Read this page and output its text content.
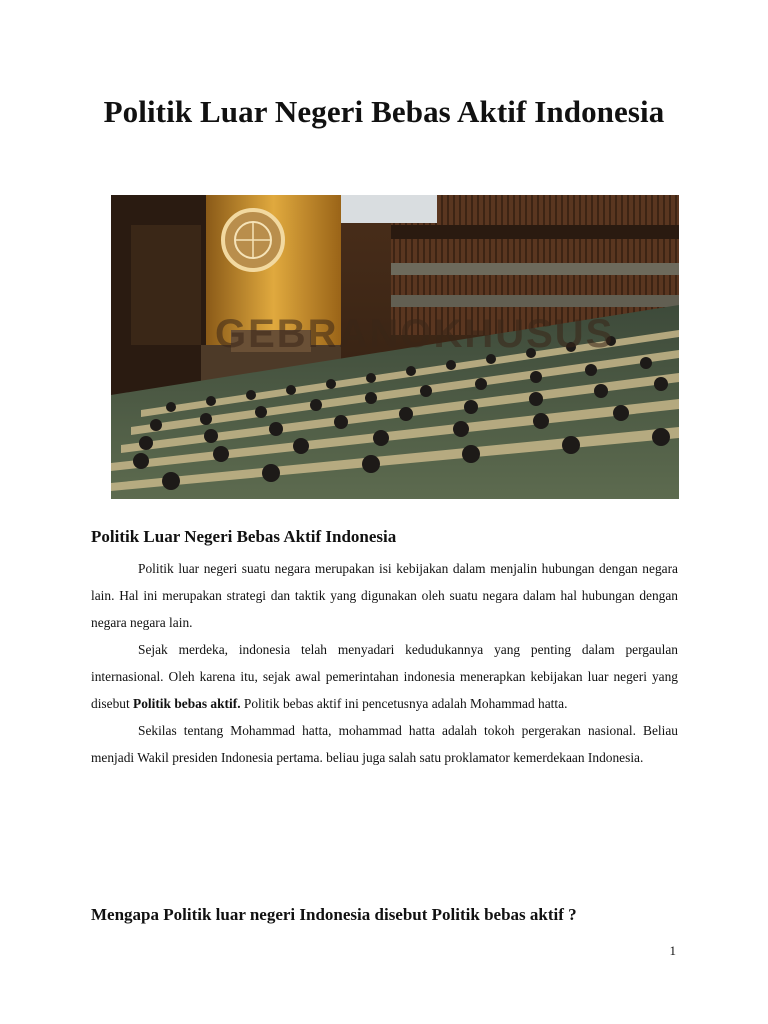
Politik Luar Negeri Bebas Aktif Indonesia
GEBRANOKHUSUS
Politik Luar Negeri Bebas Aktif Indonesia

Politik luar negeri suatu negara merupakan isi kebijakan dalam menjalin hubungan dengan negara lain. Hal ini merupakan strategi dan taktik yang digunakan oleh suatu negara dalam hal hubungan dengan negara negara lain.

Sejak merdeka, indonesia telah menyadari kedudukannya yang penting dalam pergaulan internasional. Oleh karena itu, sejak awal pemerintahan indonesia menerapkan kebijakan luar negeri yang disebut Politik bebas aktif. Politik bebas aktif ini pencetusnya adalah Mohammad hatta.

Sekilas tentang Mohammad hatta, mohammad hatta adalah tokoh pergerakan nasional. Beliau menjadi Wakil presiden Indonesia pertama. beliau juga salah satu proklamator kemerdekaan Indonesia.

Mengapa Politik luar negeri Indonesia disebut Politik bebas aktif ?
1
